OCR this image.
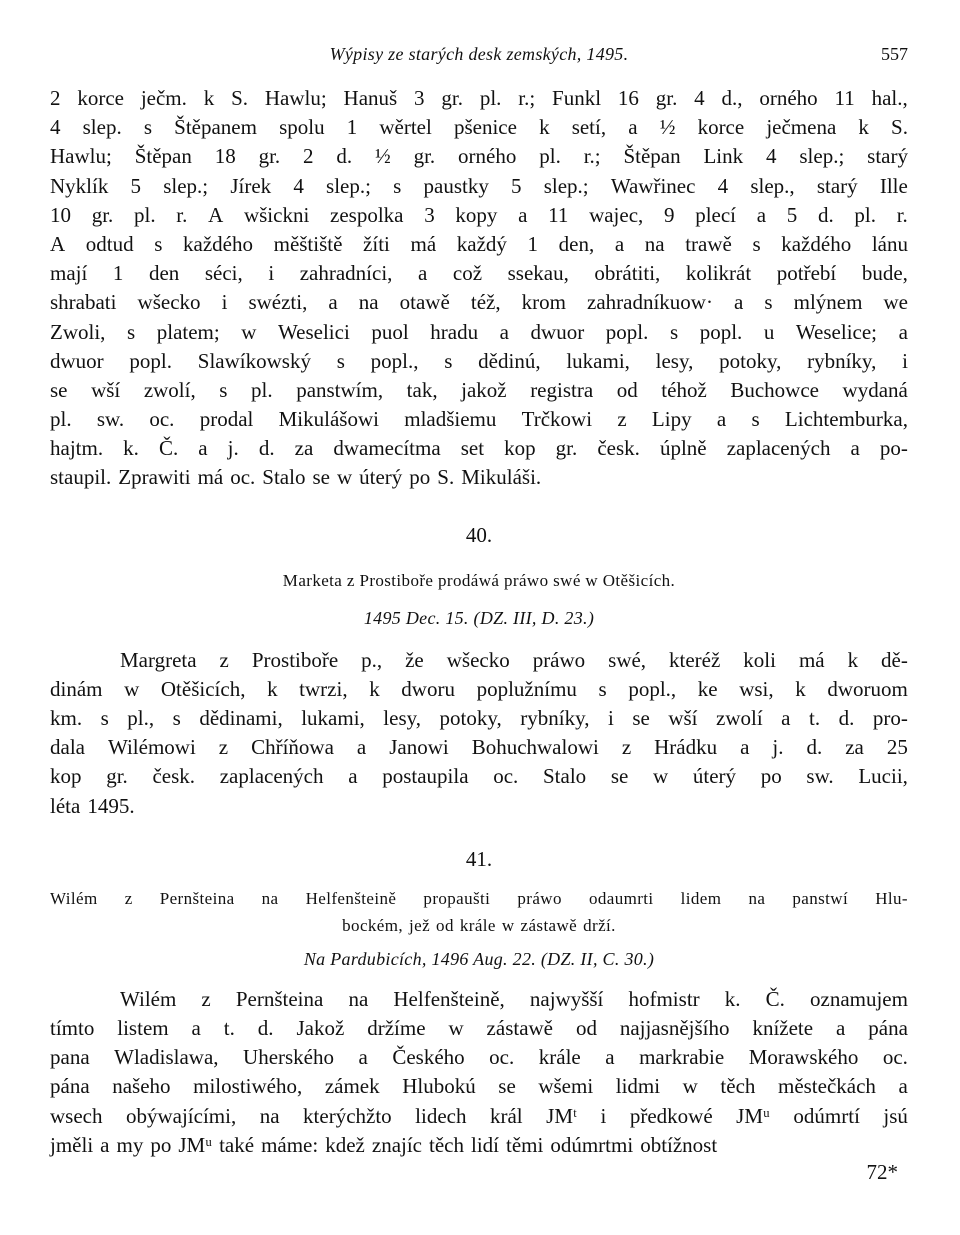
Wýpisy ze starých desk zemských, 1495.	557
2 korce ječm. k S. Hawlu; Hanuš 3 gr. pl. r.; Funkl 16 gr. 4 d., orného 11 hal.,
4 slep. s Štěpanem spolu 1 wěrtel pšenice k setí, a ½ korce ječmena k S.
Hawlu; Štěpan 18 gr. 2 d. ½ gr. orného pl. r.; Štěpan Link 4 slep.; starý
Nyklík 5 slep.; Jírek 4 slep.; s paustky 5 slep.; Wawřinec 4 slep., starý Ille
10 gr. pl. r. A wšickni zespolka 3 kopy a 11 wajec, 9 plecí a 5 d. pl. r.
A odtud s každého měštiště žíti má každý 1 den, a na trawě s každého lánu
mají 1 den séci, i zahradníci, a což ssekau, obrátiti, kolikrát potřebí bude,
shrabati wšecko i swézti, a na otawě též, krom zahradníkuow· a s mlýnem we
Zwoli, s platem; w Weselici puol hradu a dwuor popl. s popl. u Weselice; a
dwuor popl. Slawíkowský s popl., s dědinú, lukami, lesy, potoky, rybníky, i
se wší zwolí, s pl. panstwím, tak, jakož registra od téhož Buchowce wydaná
pl. sw. oc. prodal Mikulášowi mladšiemu Trčkowi z Lipy a s Lichtemburka,
hajtm. k. Č. a j. d. za dwamecítma set kop gr. česk. úplně zaplacených a po-
staupil. Zprawiti má oc. Stalo se w úterý po S. Mikuláši.
40.
Marketa z Prostiboře prodáwá práwo swé w Otěšicích.
1495 Dec. 15. (DZ. III, D. 23.)
Margreta z Prostiboře p., že wšecko práwo swé, kteréž koli má k dě-
dinám w Otěšicích, k twrzi, k dworu poplužnímu s popl., ke wsi, k dworuom
km. s pl., s dědinami, lukami, lesy, potoky, rybníky, i se wší zwolí a t. d. pro-
dala Wilémowi z Chříňowa a Janowi Bohuchwalowi z Hrádku a j. d. za 25
kop gr. česk. zaplacených a postaupila oc. Stalo se w úterý po sw. Lucii,
léta 1495.
41.
Wilém z Pernšteina na Helfenšteině propaušti práwo odaumrti lidem na panstwí Hlu-
bockém, jež od krále w zástawě drží.
Na Pardubicích, 1496 Aug. 22. (DZ. II, C. 30.)
Wilém z Pernšteina na Helfenšteině, najwyšší hofmistr k. Č. oznamujem
tímto listem a t. d. Jakož držíme w zástawě od najjasnějšího knížete a pána
pana Wladislawa, Uherského a Českého oc. krále a markrabie Morawského oc.
pána našeho milostiwého, zámek Hlubokú se wšemi lidmi w těch městečkách a
wsech obýwajícími, na kterýchžto lidech král JMᵗ i předkowé JMᵘ odúmrtí jsú
jměli a my po JMᵘ také máme: kdež znajíc těch lidí těmi odúmrtmi obtížnost
72*
